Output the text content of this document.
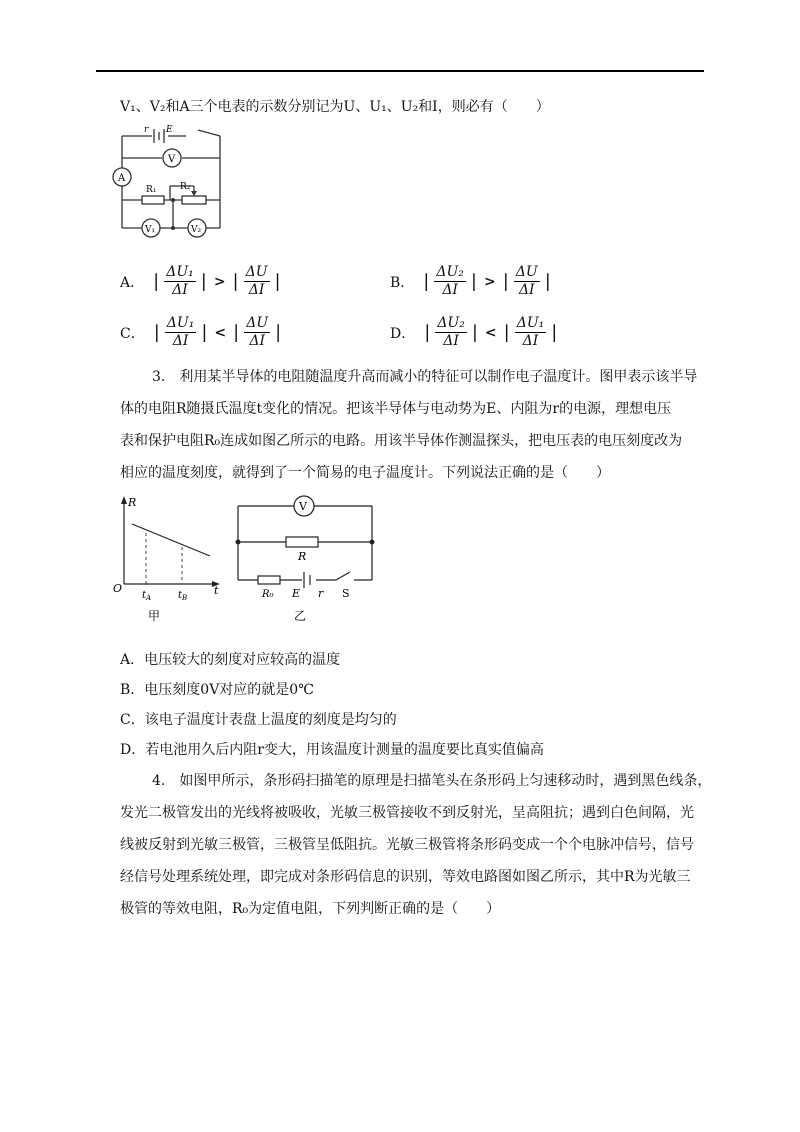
V₁、V₂和A三个电表的示数分别记为U、U₁、U₂和I，则必有（　　）
r E
V
A
R₁	R₂
V₁	V₂
A． | $\frac{\text{ΔU₁}}{\Delta I}$ | > | $\frac{\Delta U}{\Delta I}$ |	B． | $\frac{\text{ΔU₂}}{\Delta I}$ | > | $\frac{\Delta U}{\Delta I}$ |
C． | $\frac{\text{ΔU₁}}{\Delta I}$ | < | $\frac{\Delta U}{\Delta I}$ |	D． | $\frac{\text{ΔU₂}}{\Delta I}$ | < | $\frac{\text{ΔU₁}}{\Delta I}$ |
3.　利用某半导体的电阻随温度升高而减小的特征可以制作电子温度计。图甲表示该半导
体的电阻R随摄氏温度t变化的情况。把该半导体与电动势为E、内阻为r的电源，理想电压
表和保护电阻R₀连成如图乙所示的电路。用该半导体作测温探头，把电压表的电压刻度改为
相应的温度刻度，就得到了一个简易的电子温度计。下列说法正确的是（　　）
R
O	t
$t_A$	$t_B$
甲
V
R
R₀ E r S
乙
A．电压较大的刻度对应较高的温度
B．电压刻度0V对应的就是0℃
C．该电子温度计表盘上温度的刻度是均匀的
D．若电池用久后内阻r变大，用该温度计测量的温度要比真实值偏高
4.　如图甲所示，条形码扫描笔的原理是扫描笔头在条形码上匀速移动时，遇到黑色线条，
发光二极管发出的光线将被吸收，光敏三极管接收不到反射光，呈高阻抗；遇到白色间隔，光
线被反射到光敏三极管，三极管呈低阻抗。光敏三极管将条形码变成一个个电脉冲信号，信号
经信号处理系统处理，即完成对条形码信息的识别，等效电路图如图乙所示，其中R为光敏三
极管的等效电阻，R₀为定值电阻，下列判断正确的是（　　）
